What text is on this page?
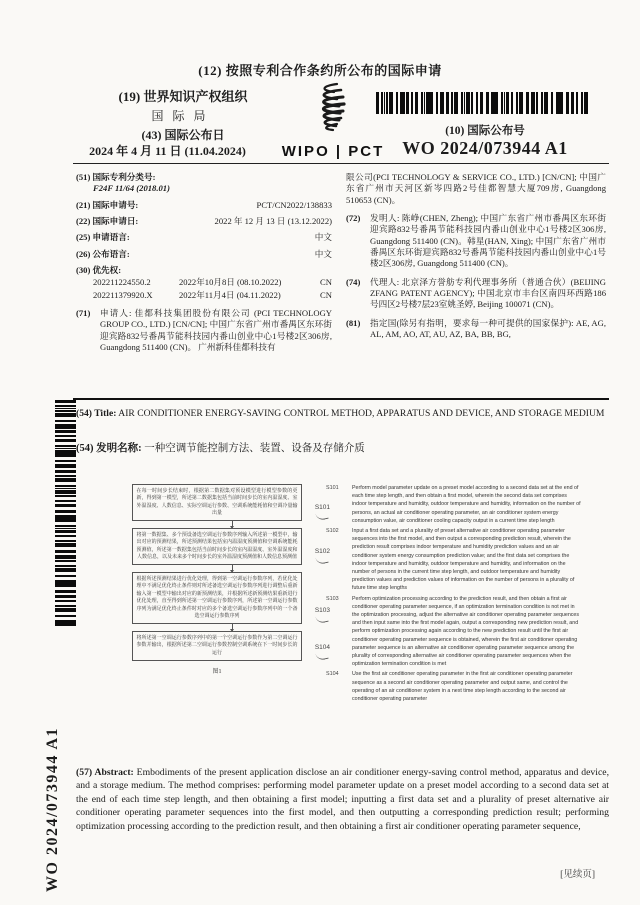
(12) 按照专利合作条约所公布的国际申请
(19) 世界知识产权组织
国际局
(43) 国际公布日
2024 年 4 月 11 日 (11.04.2024)	WIPO | PCT
(10) 国际公布号
WO 2024/073944 A1
(51) 国际专利分类号:
F24F 11/64 (2018.01)
(21) 国际申请号:	PCT/CN2022/138833
(22) 国际申请日:	2022 年 12 月 13 日 (13.12.2022)
(25) 申请语言:	中文
(26) 公布语言:	中文
(30) 优先权:
202211224550.2	2022年10月8日 (08.10.2022)	CN
202211379920.X	2022年11月4日 (04.11.2022)	CN
(71) 申请人: 佳都科技集团股份有限公司 (PCI TECHNOLOGY GROUP CO., LTD.) [CN/CN]; 中国广东省广州市番禺区东环街迎宾路832号番禺节能科技园内番山创业中心1号楼2区306房, Guangdong 511400 (CN)。 广州新科佳都科技有
限公司(PCI TECHNOLOGY & SERVICE CO., LTD.) [CN/CN]; 中国广东省广州市天河区新岑四路2号佳都智慧大厦709房, Guangdong 510653 (CN)。
(72) 发明人: 陈峥(CHEN, Zheng); 中国广东省广州市番禺区东环街迎宾路832号番禺节能科技园内番山创业中心1号楼2区306房, Guangdong 511400 (CN)。韩星(HAN, Xing); 中国广东省广州市番禺区东环街迎宾路832号番禺节能科技园内番山创业中心1号楼2区306房, Guangdong 511400 (CN)。
(74) 代理人: 北京泽方誉舫专利代理事务所（普通合伙）(BEIJING ZFANG PATENT AGENCY); 中国北京市丰台区南四环西路186号四区2号楼7层23室姚圣婷, Beijing 100071 (CN)。
(81) 指定国(除另有指明，要求每一种可提供的国家保护): AE, AG, AL, AM, AO, AT, AU, AZ, BA, BB, BG,
(54) Title: AIR CONDITIONER ENERGY-SAVING CONTROL METHOD, APPARATUS AND DEVICE, AND STORAGE MEDIUM
(54) 发明名称: 一种空调节能控制方法、装置、设备及存储介质
WO 2024/073944 A1
在每一时间步长结束时，根据第二数据集对预设模型进行模型参数的更新，得到第一模型，所述第二数据集包括当前时间步长的室内温湿度、室外温湿度、人数信息、实际空调运行参数、空调系统能耗值和空调冷量输出量
S101
将第一数据集、多个预设备选空调运行参数序列输入所述第一模型中，输出对应的预测结果，所述预测结果包括室内温湿度预测值和空调系统能耗预测值，所述第一数据集包括当前时间步长的室内温湿度、室外温湿度和人数信息，以及未来多个时间步长的室外温湿度预测值和人数信息预测值
S102
根据所述预测结果进行优化处理，得到第一空调运行参数序列，若优化处理中不满足优化终止条件则对所述备选空调运行参数序列进行调整后重新输入第一模型中输出对应的新预测结果，并根据所述新预测结果重新进行优化处理，直至得到所述第一空调运行参数序列，所述第一空调运行参数序列为满足优化终止条件时对应的多个备选空调运行参数序列中的一个备选空调运行参数序列
S103
将所述第一空调运行参数序列中的第一个空调运行参数作为第二空调运行参数并输出，根据所述第二空调运行参数控制空调系统在下一时间步长的运行
S104
图1
S101	Perform model parameter update on a preset model according to a second data set at the end of each time step length, and then obtain a first model, wherein the second data set comprises indoor temperature and humidity, outdoor temperature and humidity, information on the number of persons, an actual air conditioner operating parameter, an air conditioner system energy consumption value, air conditioner cooling capacity output in a current time step length
S102	Input a first data set and a plurality of preset alternative air conditioner operating parameter sequences into the first model, and then output a corresponding prediction result, wherein the prediction result comprises indoor temperature and humidity prediction values and an air conditioner system energy consumption prediction value; and the first data set comprises the indoor temperature and humidity, outdoor temperature and humidity, and information on the number of persons in the current time step length, and outdoor temperature and humidity prediction values and prediction values of information on the number of persons in a plurality of future time step lengths
S103	Perform optimization processing according to the prediction result, and then obtain a first air conditioner operating parameter sequence, if an optimization termination condition is not met in the optimization processing, adjust the alternative air conditioner operating parameter sequences and then input same into the first model again, output a corresponding new prediction result, and perform optimization processing again according to the new prediction result until the first air conditioner operating parameter sequence is obtained, wherein the first air conditioner operating parameter sequence is an alternative air conditioner operating parameter sequence among the plurality of corresponding alternative air conditioner operating parameter sequences when the optimization termination condition is met
S104	Use the first air conditioner operating parameter in the first air conditioner operating parameter sequence as a second air conditioner operating parameter and output same, and control the operating of an air conditioner system in a next time step length according to the second air conditioner operating parameter
(57) Abstract: Embodiments of the present application disclose an air conditioner energy-saving control method, apparatus and device, and a storage medium. The method comprises: performing model parameter update on a preset model according to a second data set at the end of each time step length, and then obtaining a first model; inputting a first data set and a plurality of preset alternative air conditioner operating parameter sequences into the first model, and then outputting a corresponding prediction result; performing optimization processing according to the prediction result, and then obtaining a first air conditioner operating parameter sequence,
[见续页]
